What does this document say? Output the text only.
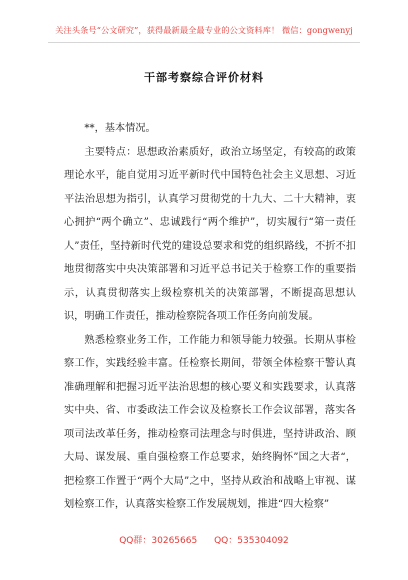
关注头条号“公文研究”，获得最新最全最专业的公文资料库！ 微信：gongwenyj
干部考察综合评价材料

**，基本情况。

主要特点：思想政治素质好，政治立场坚定，有较高的政策理论水平，能自觉用习近平新时代中国特色社会主义思想、习近平法治思想为指引，认真学习贯彻党的十九大、二十大精神，衷心拥护“两个确立”、忠诚践行“两个维护”，切实履行“第一责任人”责任，坚持新时代党的建设总要求和党的组织路线，不折不扣地贯彻落实中央决策部署和习近平总书记关于检察工作的重要指示，认真贯彻落实上级检察机关的决策部署，不断提高思想认识，明确工作责任，推动检察院各项工作任务向前发展。

熟悉检察业务工作，工作能力和领导能力较强。长期从事检察工作，实践经验丰富。任检察长期间，带领全体检察干警认真准确理解和把握习近平法治思想的核心要义和实践要求，认真落实中央、省、市委政法工作会议及检察长工作会议部署，落实各项司法改革任务，推动检察司法理念与时俱进，坚持讲政治、顾大局、谋发展、重自强检察工作总要求，始终胸怀”国之大者“，把检察工作置于“两个大局”之中，坚持从政治和战略上审视、谋划检察工作，认真落实检察工作发展规划，推进“四大检察”

QQ群：30265665 QQ：535304092
